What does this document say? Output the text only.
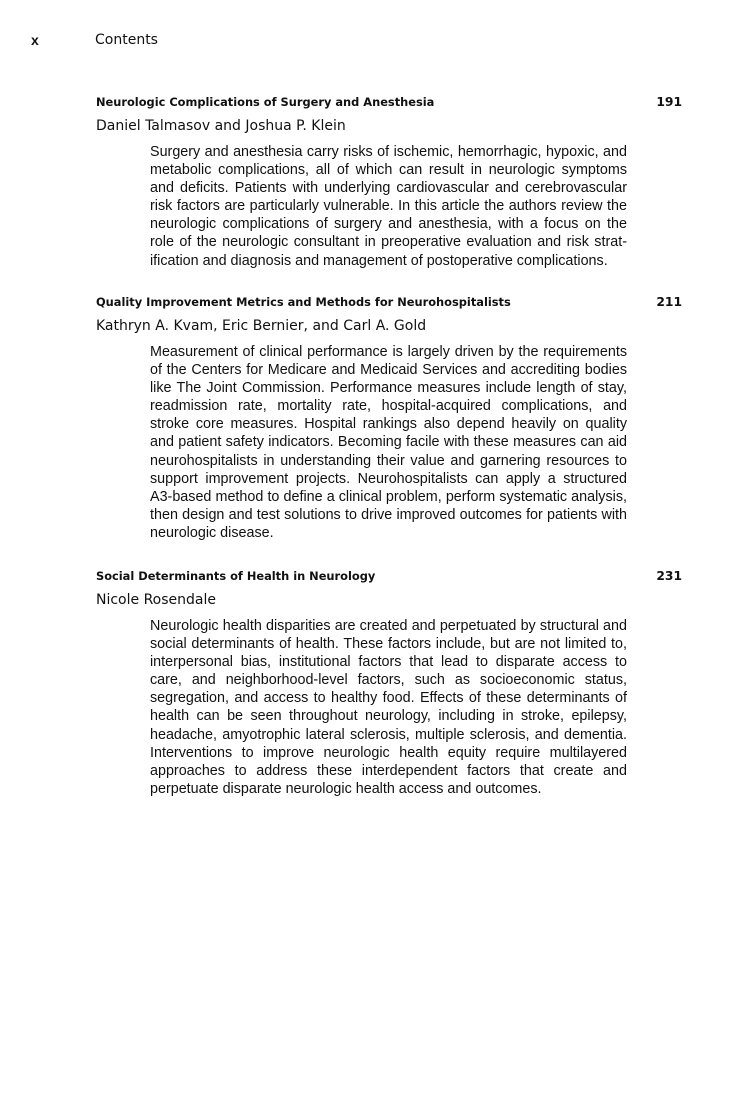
x	Contents
Neurologic Complications of Surgery and Anesthesia	191
Daniel Talmasov and Joshua P. Klein
Surgery and anesthesia carry risks of ischemic, hemorrhagic, hypoxic, and metabolic complications, all of which can result in neurologic symptoms and deficits. Patients with underlying cardiovascular and cerebrovascular risk factors are particularly vulnerable. In this article the authors review the neurologic complications of surgery and anesthesia, with a focus on the role of the neurologic consultant in preoperative evaluation and risk stratification and diagnosis and management of postoperative complications.
Quality Improvement Metrics and Methods for Neurohospitalists	211
Kathryn A. Kvam, Eric Bernier, and Carl A. Gold
Measurement of clinical performance is largely driven by the requirements of the Centers for Medicare and Medicaid Services and accrediting bodies like The Joint Commission. Performance measures include length of stay, readmission rate, mortality rate, hospital-acquired complications, and stroke core measures. Hospital rankings also depend heavily on quality and patient safety indicators. Becoming facile with these measures can aid neurohospitalists in understanding their value and garnering resources to support improvement projects. Neurohospitalists can apply a structured A3-based method to define a clinical problem, perform systematic analysis, then design and test solutions to drive improved outcomes for patients with neurologic disease.
Social Determinants of Health in Neurology	231
Nicole Rosendale
Neurologic health disparities are created and perpetuated by structural and social determinants of health. These factors include, but are not limited to, interpersonal bias, institutional factors that lead to disparate access to care, and neighborhood-level factors, such as socioeconomic status, segregation, and access to healthy food. Effects of these determinants of health can be seen throughout neurology, including in stroke, epilepsy, headache, amyotrophic lateral sclerosis, multiple sclerosis, and dementia. Interventions to improve neurologic health equity require multilayered approaches to address these interdependent factors that create and perpetuate disparate neurologic health access and outcomes.
